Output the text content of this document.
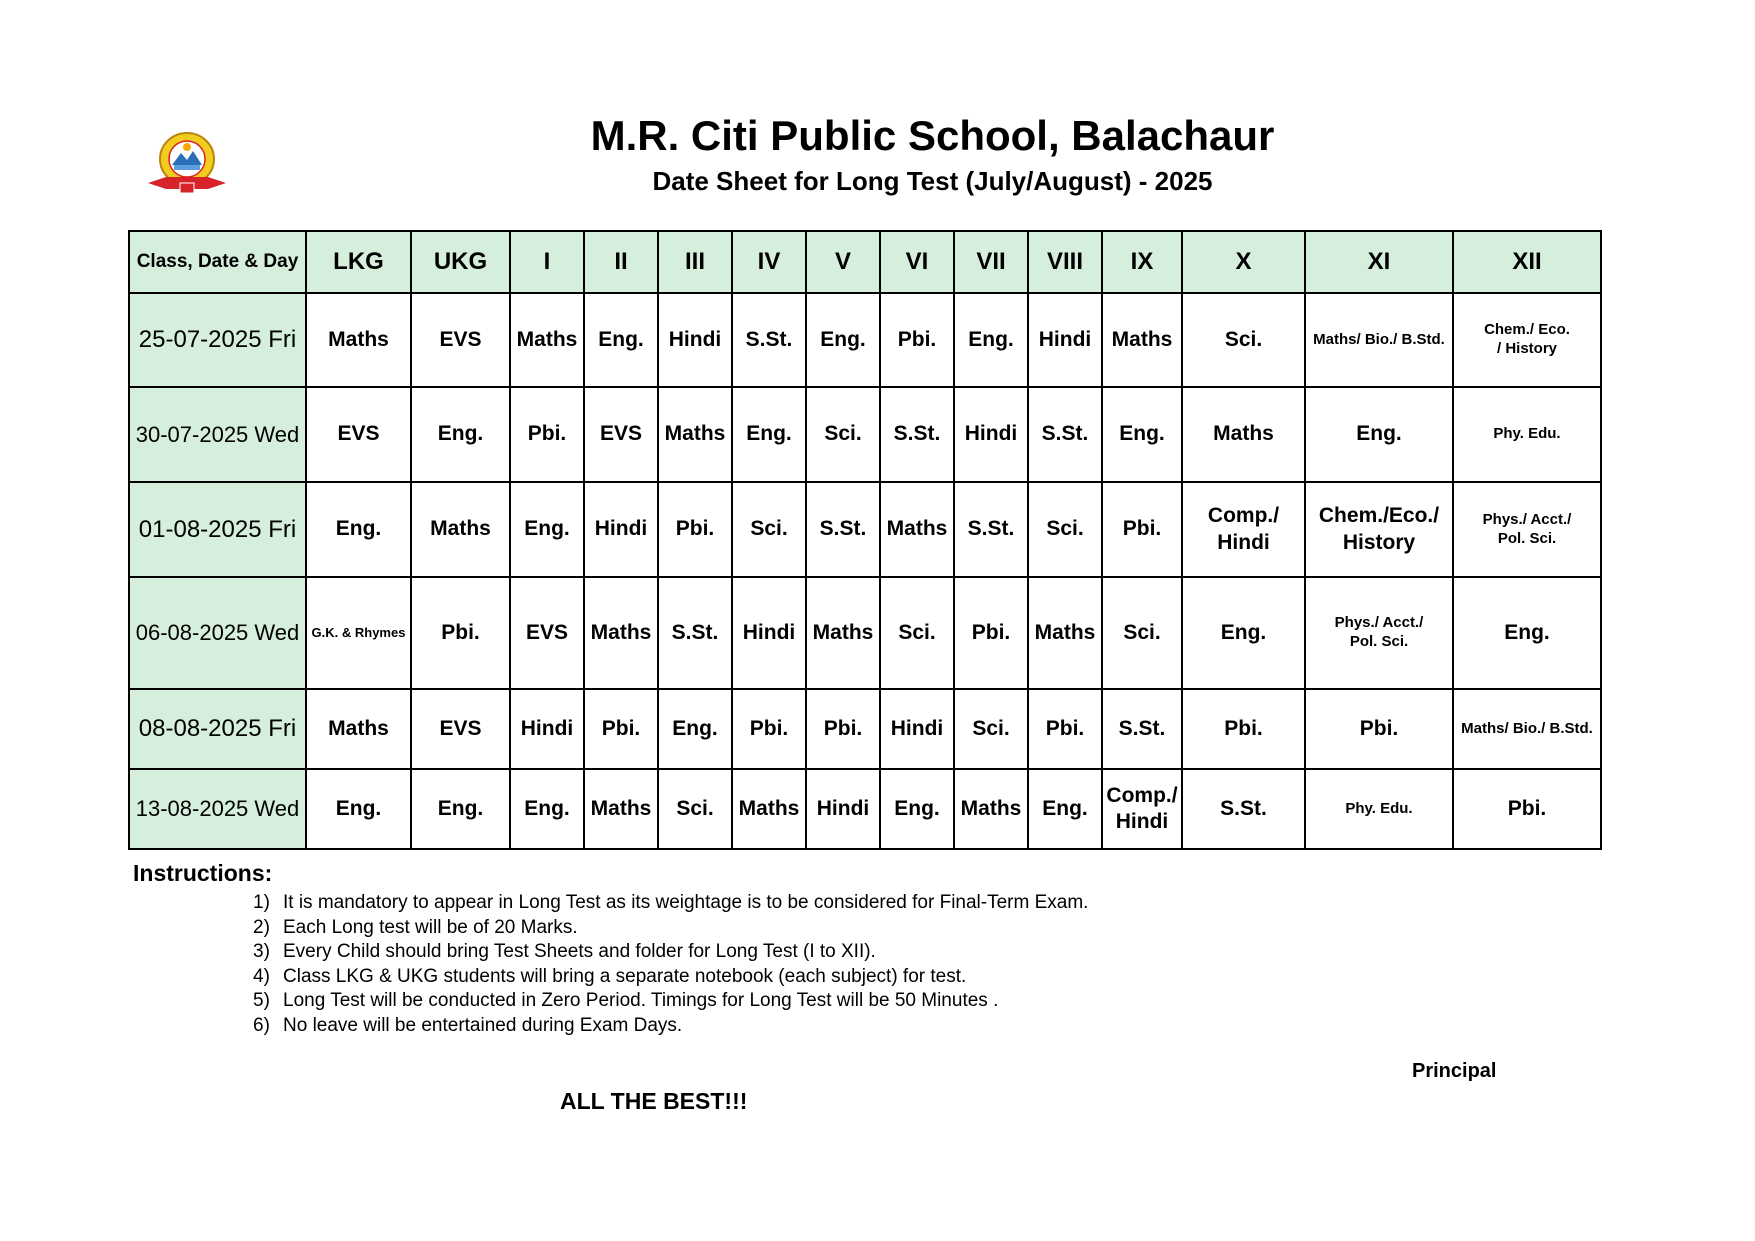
M.R. Citi Public School, Balachaur
Date Sheet for Long Test (July/August) - 2025
Class, Date & Day	LKG	UKG	I	II	III	IV	V	VI	VII	VIII	IX	X	XI	XII
25-07-2025 Fri	Maths	EVS	Maths	Eng.	Hindi	S.St.	Eng.	Pbi.	Eng.	Hindi	Maths	Sci.	Maths/ Bio./ B.Std.	Chem./ Eco.
/ History
30-07-2025 Wed	EVS	Eng.	Pbi.	EVS	Maths	Eng.	Sci.	S.St.	Hindi	S.St.	Eng.	Maths	Eng.	Phy. Edu.
01-08-2025 Fri	Eng.	Maths	Eng.	Hindi	Pbi.	Sci.	S.St.	Maths	S.St.	Sci.	Pbi.	Comp./
Hindi	Chem./Eco./
History	Phys./ Acct./
Pol. Sci.
06-08-2025 Wed	G.K. & Rhymes	Pbi.	EVS	Maths	S.St.	Hindi	Maths	Sci.	Pbi.	Maths	Sci.	Eng.	Phys./ Acct./
Pol. Sci.	Eng.
08-08-2025 Fri	Maths	EVS	Hindi	Pbi.	Eng.	Pbi.	Pbi.	Hindi	Sci.	Pbi.	S.St.	Pbi.	Pbi.	Maths/ Bio./ B.Std.
13-08-2025 Wed	Eng.	Eng.	Eng.	Maths	Sci.	Maths	Hindi	Eng.	Maths	Eng.	Comp./
Hindi	S.St.	Phy. Edu.	Pbi.
Instructions:
1) It is mandatory to appear in Long Test as its weightage is to be considered for Final-Term Exam.
2) Each Long test will be of 20 Marks.
3) Every Child should bring Test Sheets and folder for Long Test (I to XII).
4) Class LKG & UKG students will bring a separate notebook (each subject) for test.
5) Long Test will be conducted in Zero Period. Timings for Long Test will be 50 Minutes .
6) No leave will be entertained during Exam Days.
Principal
ALL THE BEST!!!
